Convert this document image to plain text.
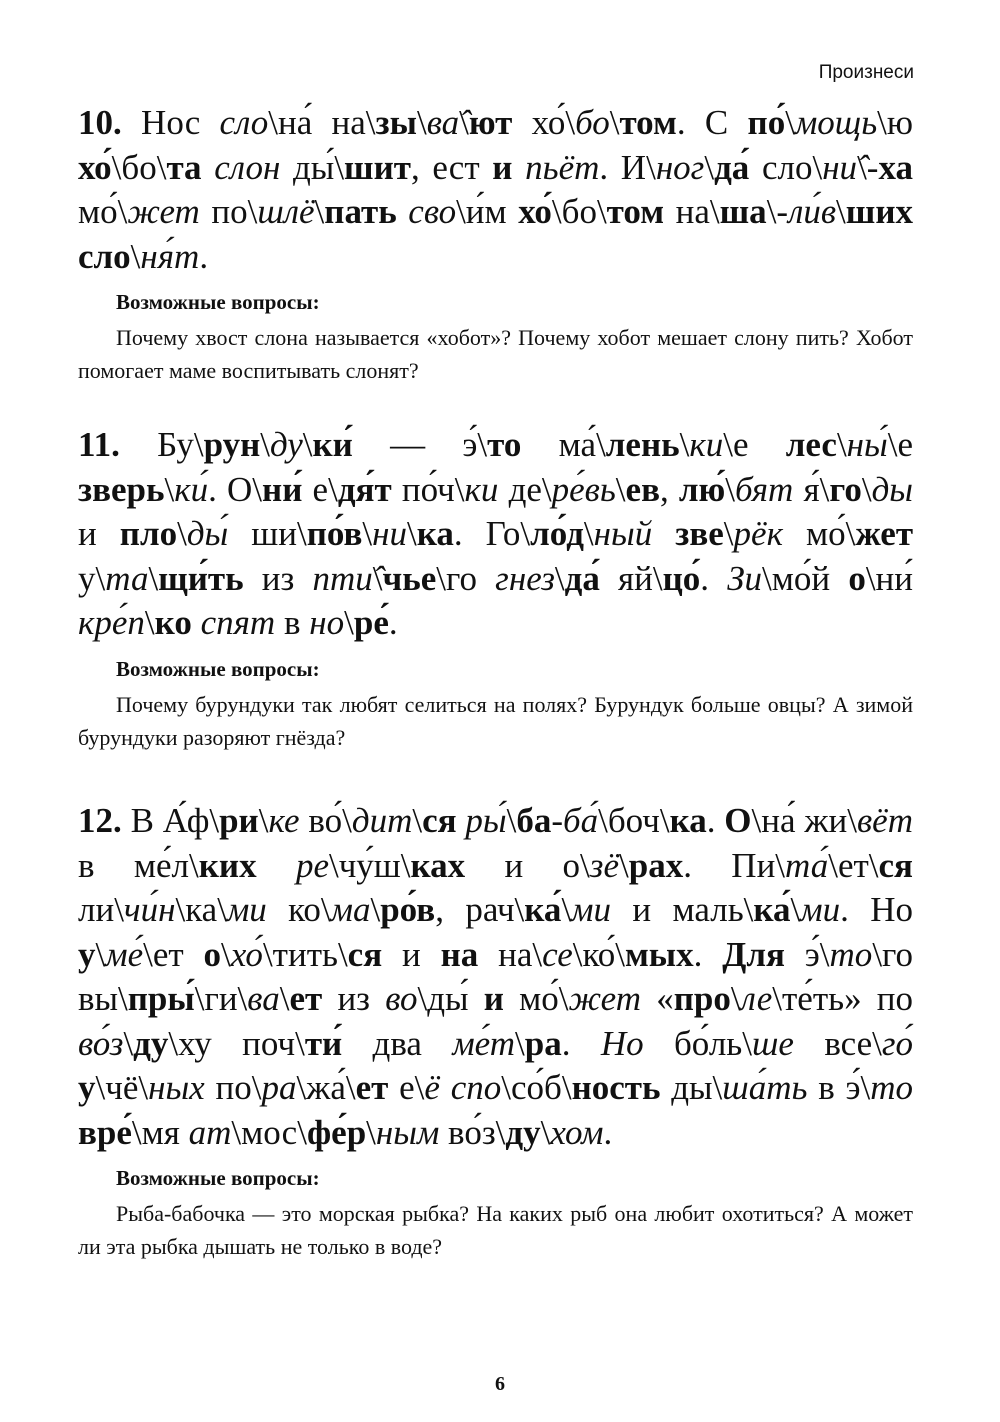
Произнеси

10. Нос сло\на́ на\зы\ва̂\ют хо́\бо\том. С по́\мощь\ю хо́\бо\та слон ды́\шит, ест и пьёт. И\ног\да́ сло\ни̂\-ха мо́\жет по\шлё\пать сво\и́м хо́\бо\том на\ша\-ли́в\ших сло\ня́т.

Возможные вопросы:

Почему хвост слона называется «хобот»? Почему хобот мешает слону пить? Хобот помогает маме воспитывать слонят?

11. Бу\рун\ду\ки́ — э́\то ма́\лень\ки\е лес\ны́\е зверь\ки́. О\ни́ е\дя́т по́ч\ки де\ре́вь\ев, лю́\бят я́\го\ды и пло\ды́ ши\по́в\ни\ка. Го\ло́д\ный зве\рёк мо́\жет у\та\щи́ть из пти̂\чье\го гнез\да́ яй\цо́. Зи\мо́й о\ни́ кре́п\ко спят в но\ре́.

Возможные вопросы:

Почему бурундуки так любят селиться на полях? Бурундук больше овцы? А зимой бурундуки разоряют гнёзда?

12. В А́ф\ри\ке во́\дит\ся ры́\ба-ба́\боч\ка. О\на́ жи\вёт в ме́л\ких ре\чу́ш\ках и о\зё\рах. Пи\та́\ет\ся ли\чи́н\ка\ми ко\ма\ро́в, рач\ка́\ми и маль\ка́\ми. Но у\ме́\ет о\хо́\тить\ся и на на\се\ко́\мых. Для э́\то\го вы\пры́\ги\ва\ет из во\ды́ и мо́\жет «про\ле\те́ть» по во́з\ду\ху поч\ти́ два ме́т\ра. Но бо́ль\ше все\го́ у\чё\ных по\ра\жа́\ет е\ё спо\со́б\ность ды\ша́ть в э́\то вре́\мя ат\мос\фе́р\ным во́з\ду\хом.

Возможные вопросы:

Рыба-бабочка — это морская рыбка? На каких рыб она любит охотиться? А может ли эта рыбка дышать не только в воде?

6
